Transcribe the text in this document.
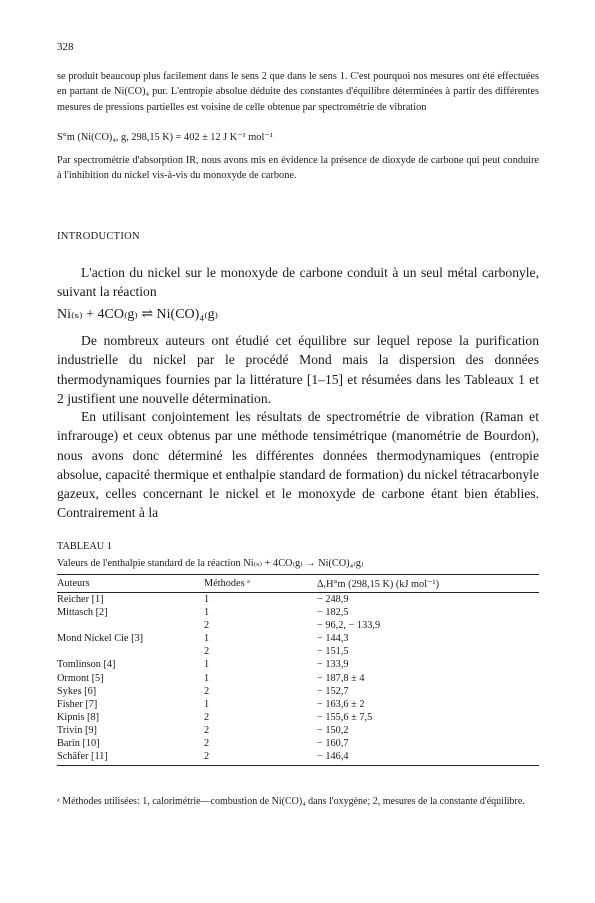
328
se produit beaucoup plus facilement dans le sens 2 que dans le sens 1. C'est pourquoi nos mesures ont été effectuées en partant de Ni(CO)₄ pur. L'entropie absolue déduite des constantes d'équilibre déterminées à partir des différentes mesures de pressions partielles est voisine de celle obtenue par spectrométrie de vibration
S°m (Ni(CO)₄, g, 298,15 K) = 402 ± 12 J K⁻¹ mol⁻¹
Par spectrométrie d'absorption IR, nous avons mis en évidence la présence de dioxyde de carbone qui peut conduire à l'inhibition du nickel vis-à-vis du monoxyde de carbone.
INTRODUCTION
L'action du nickel sur le monoxyde de carbone conduit à un seul métal carbonyle, suivant la réaction
Ni₍ₛ₎ + 4CO₍g₎ ⇌ Ni(CO)₄₍g₎
De nombreux auteurs ont étudié cet équilibre sur lequel repose la purification industrielle du nickel par le procédé Mond mais la dispersion des données thermodynamiques fournies par la littérature [1–15] et résumées dans les Tableaux 1 et 2 justifient une nouvelle détermination.
En utilisant conjointement les résultats de spectrométrie de vibration (Raman et infrarouge) et ceux obtenus par une méthode tensimétrique (manométrie de Bourdon), nous avons donc déterminé les différentes données thermodynamiques (entropie absolue, capacité thermique et enthalpie standard de formation) du nickel tétracarbonyle gazeux, celles concernant le nickel et le monoxyde de carbone étant bien établies. Contrairement à la
TABLEAU 1
Valeurs de l'enthalpie standard de la réaction Ni₍ₛ₎ + 4CO₍g₎ → Ni(CO)₄₍g₎
Auteurs	Méthodes ᵃ	ΔᵣH°m (298,15 K) (kJ mol⁻¹)
Reicher [1]	1	− 248,9
Mittasch [2]	1	− 182,5
	2	− 96,2, − 133,9
Mond Nickel Cie [3]	1	− 144,3
	2	− 151,5
Tomlinson [4]	1	− 133,9
Ormont [5]	1	− 187,8 ± 4
Sykes [6]	2	− 152,7
Fisher [7]	1	− 163,6 ± 2
Kipnis [8]	2	− 155,6 ± 7,5
Trivin [9]	2	− 150,2
Barin [10]	2	− 160,7
Schäfer [11]	2	− 146,4
ᵃ Méthodes utilisées: 1, calorimétrie—combustion de Ni(CO)₄ dans l'oxygène; 2, mesures de la constante d'équilibre.
